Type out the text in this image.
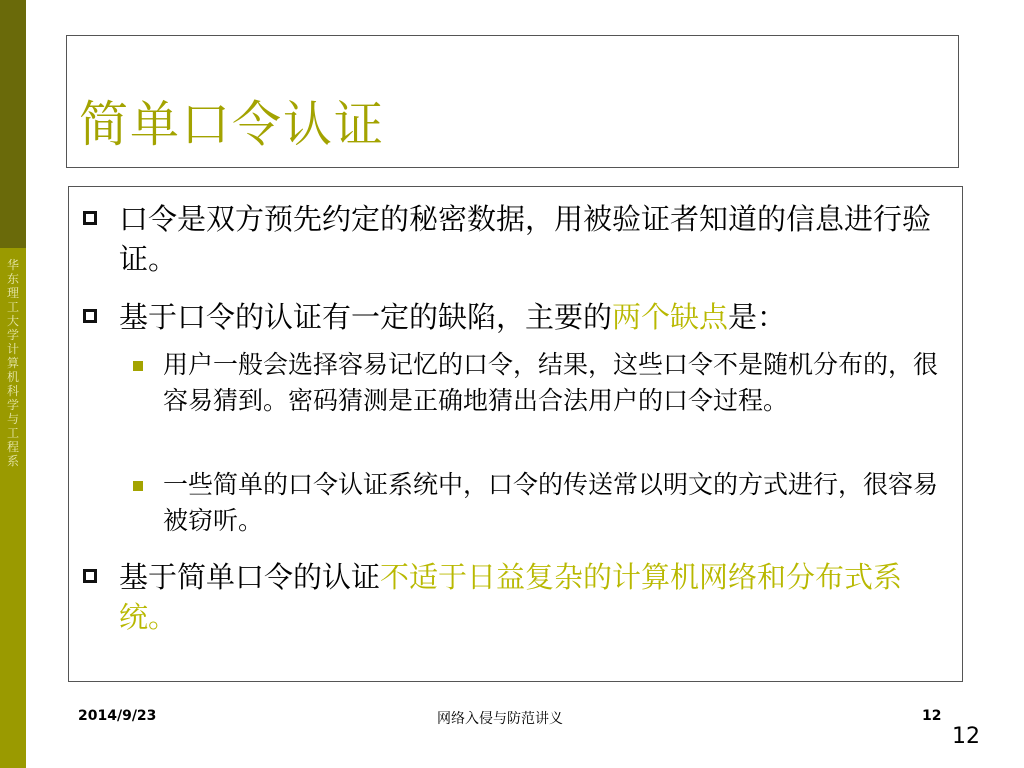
华东理工大学计算机科学与工程系
简单口令认证
口令是双方预先约定的秘密数据，用被验证者知道的信息进行验证。
基于口令的认证有一定的缺陷，主要的两个缺点是：
用户一般会选择容易记忆的口令，结果，这些口令不是随机分布的，很容易猜到。密码猜测是正确地猜出合法用户的口令过程。
一些简单的口令认证系统中，口令的传送常以明文的方式进行，很容易被窃听。
基于简单口令的认证不适于日益复杂的计算机网络和分布式系统。
2014/9/23	网络入侵与防范讲义	12
12
